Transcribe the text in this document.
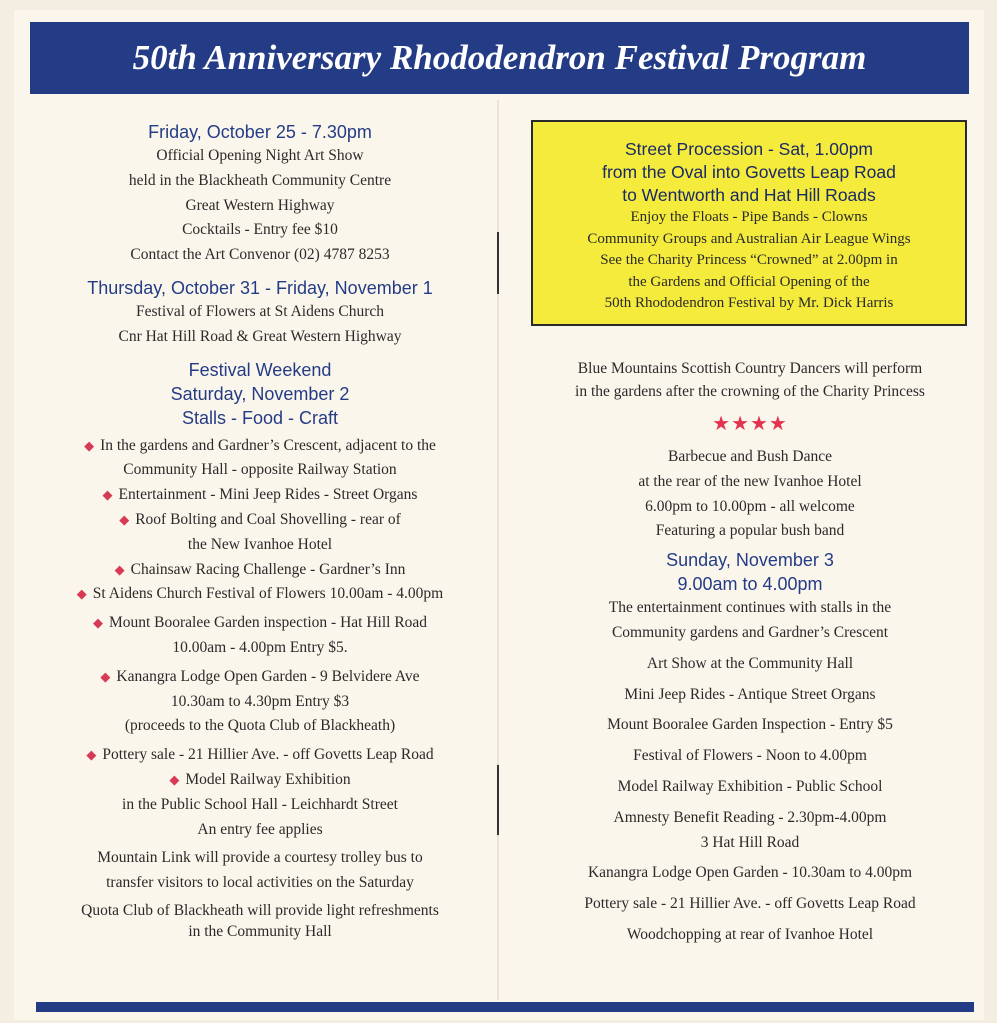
50th Anniversary Rhododendron Festival Program
Friday, October 25 - 7.30pm
Official Opening Night Art Show
held in the Blackheath Community Centre
Great Western Highway
Cocktails - Entry fee $10
Contact the Art Convenor (02) 4787 8253
Thursday, October 31 - Friday, November 1
Festival of Flowers at St Aidens Church
Cnr Hat Hill Road & Great Western Highway
Festival Weekend
Saturday, November 2
Stalls - Food - Craft
◆ In the gardens and Gardner’s Crescent, adjacent to the
Community Hall - opposite Railway Station
◆ Entertainment - Mini Jeep Rides - Street Organs
◆ Roof Bolting and Coal Shovelling - rear of
the New Ivanhoe Hotel
◆ Chainsaw Racing Challenge - Gardner’s Inn
◆ St Aidens Church Festival of Flowers 10.00am - 4.00pm
◆ Mount Booralee Garden inspection - Hat Hill Road
10.00am - 4.00pm Entry $5.
◆ Kanangra Lodge Open Garden - 9 Belvidere Ave
10.30am to 4.30pm Entry $3
(proceeds to the Quota Club of Blackheath)
◆ Pottery sale - 21 Hillier Ave. - off Govetts Leap Road
◆ Model Railway Exhibition
in the Public School Hall - Leichhardt Street
An entry fee applies
Mountain Link will provide a courtesy trolley bus to
transfer visitors to local activities on the Saturday
Quota Club of Blackheath will provide light refreshments
in the Community Hall
Street Procession - Sat, 1.00pm
from the Oval into Govetts Leap Road
to Wentworth and Hat Hill Roads
Enjoy the Floats - Pipe Bands - Clowns
Community Groups and Australian Air League Wings
See the Charity Princess “Crowned” at 2.00pm in
the Gardens and Official Opening of the
50th Rhododendron Festival by Mr. Dick Harris
Blue Mountains Scottish Country Dancers will perform
in the gardens after the crowning of the Charity Princess
★★★★
Barbecue and Bush Dance
at the rear of the new Ivanhoe Hotel
6.00pm to 10.00pm - all welcome
Featuring a popular bush band
Sunday, November 3
9.00am to 4.00pm
The entertainment continues with stalls in the
Community gardens and Gardner’s Crescent
Art Show at the Community Hall
Mini Jeep Rides - Antique Street Organs
Mount Booralee Garden Inspection - Entry $5
Festival of Flowers - Noon to 4.00pm
Model Railway Exhibition - Public School
Amnesty Benefit Reading - 2.30pm-4.00pm
3 Hat Hill Road
Kanangra Lodge Open Garden - 10.30am to 4.00pm
Pottery sale - 21 Hillier Ave. - off Govetts Leap Road
Woodchopping at rear of Ivanhoe Hotel
